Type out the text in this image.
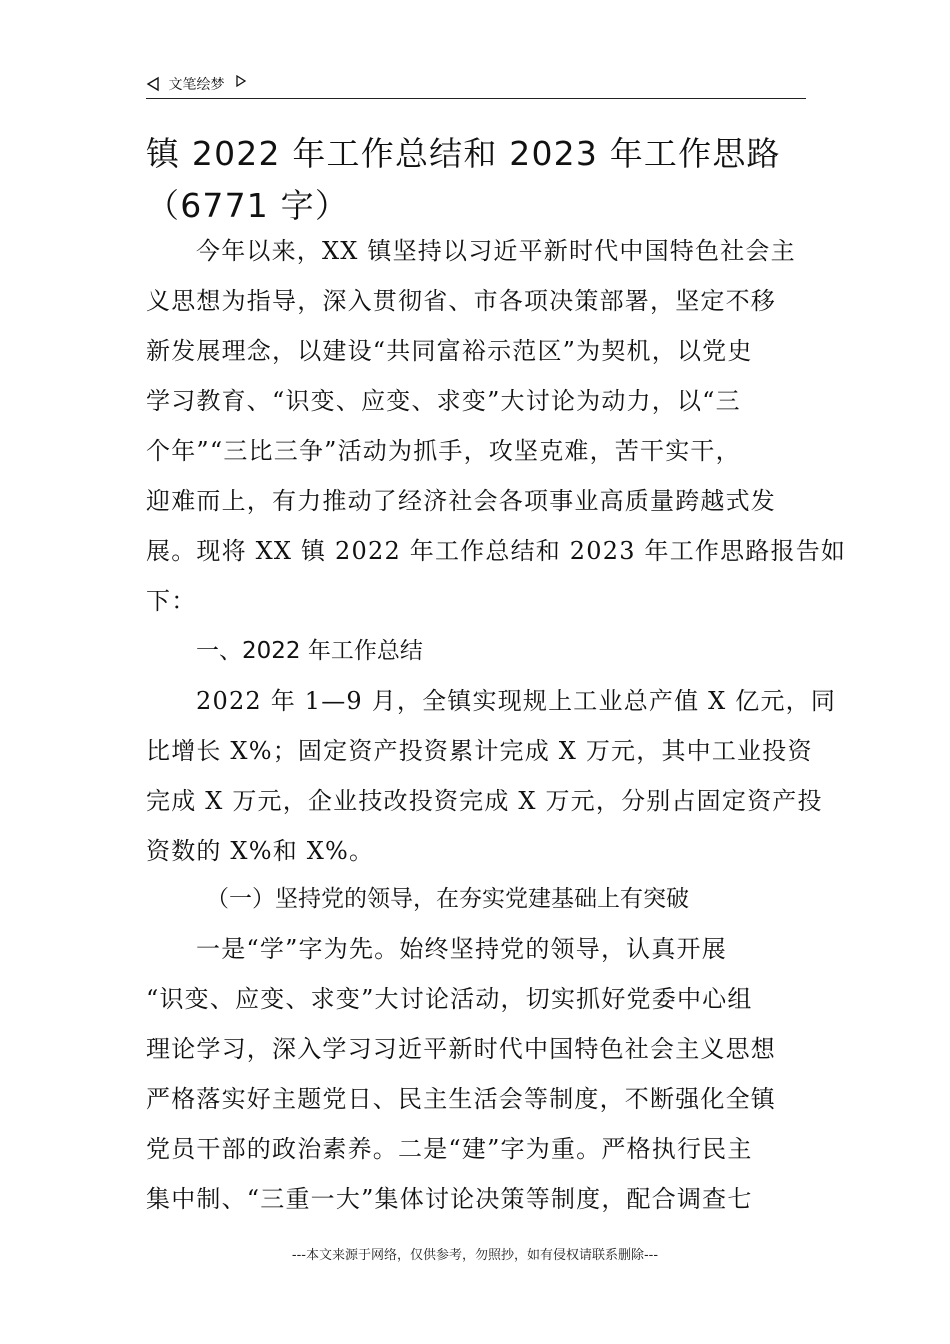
文笔绘梦
镇 2022 年工作总结和 2023 年工作思路
（6771 字）
今年以来，XX 镇坚持以习近平新时代中国特色社会主
义思想为指导，深入贯彻省、市各项决策部署，坚定不移
新发展理念，以建设“共同富裕示范区”为契机，以党史
学习教育、“识变、应变、求变”大讨论为动力，以“三
个年”“三比三争”活动为抓手，攻坚克难，苦干实干，
迎难而上，有力推动了经济社会各项事业高质量跨越式发
展。现将 XX 镇 2022 年工作总结和 2023 年工作思路报告如
下：
一、2022 年工作总结
2022 年 1—9 月，全镇实现规上工业总产值 X 亿元，同
比增长 X%；固定资产投资累计完成 X 万元，其中工业投资
完成 X 万元，企业技改投资完成 X 万元，分别占固定资产投
资数的 X%和 X%。
（一）坚持党的领导，在夯实党建基础上有突破
一是“学”字为先。始终坚持党的领导，认真开展
“识变、应变、求变”大讨论活动，切实抓好党委中心组
理论学习，深入学习习近平新时代中国特色社会主义思想
严格落实好主题党日、民主生活会等制度，不断强化全镇
党员干部的政治素养。二是“建”字为重。严格执行民主
集中制、“三重一大”集体讨论决策等制度，配合调查七
---本文来源于网络，仅供参考，勿照抄，如有侵权请联系删除---
